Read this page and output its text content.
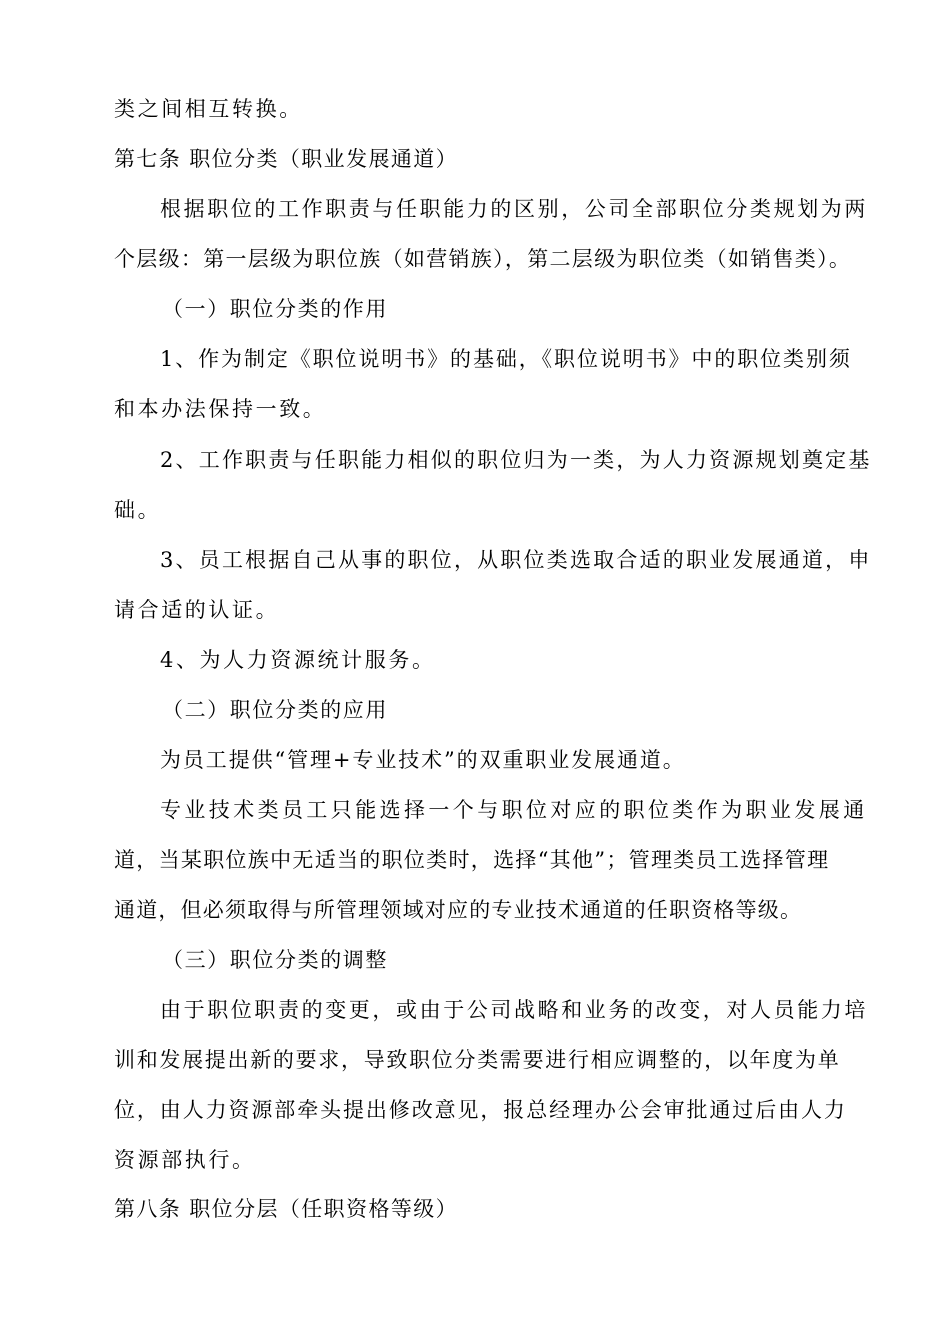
类之间相互转换。
第七条 职位分类（职业发展通道）
根据职位的工作职责与任职能力的区别，公司全部职位分类规划为两
个层级：第一层级为职位族（如营销族），第二层级为职位类（如销售类）。
（一）职位分类的作用
1、作为制定《职位说明书》的基础，《职位说明书》中的职位类别须
和本办法保持一致。
2、工作职责与任职能力相似的职位归为一类，为人力资源规划奠定基
础。
3、员工根据自己从事的职位，从职位类选取合适的职业发展通道，申
请合适的认证。
4、为人力资源统计服务。
（二）职位分类的应用
为员工提供“管理+专业技术”的双重职业发展通道。
专业技术类员工只能选择一个与职位对应的职位类作为职业发展通
道，当某职位族中无适当的职位类时，选择“其他”；管理类员工选择管理
通道，但必须取得与所管理领域对应的专业技术通道的任职资格等级。
（三）职位分类的调整
由于职位职责的变更，或由于公司战略和业务的改变，对人员能力培
训和发展提出新的要求，导致职位分类需要进行相应调整的，以年度为单
位，由人力资源部牵头提出修改意见，报总经理办公会审批通过后由人力
资源部执行。
第八条 职位分层（任职资格等级）
